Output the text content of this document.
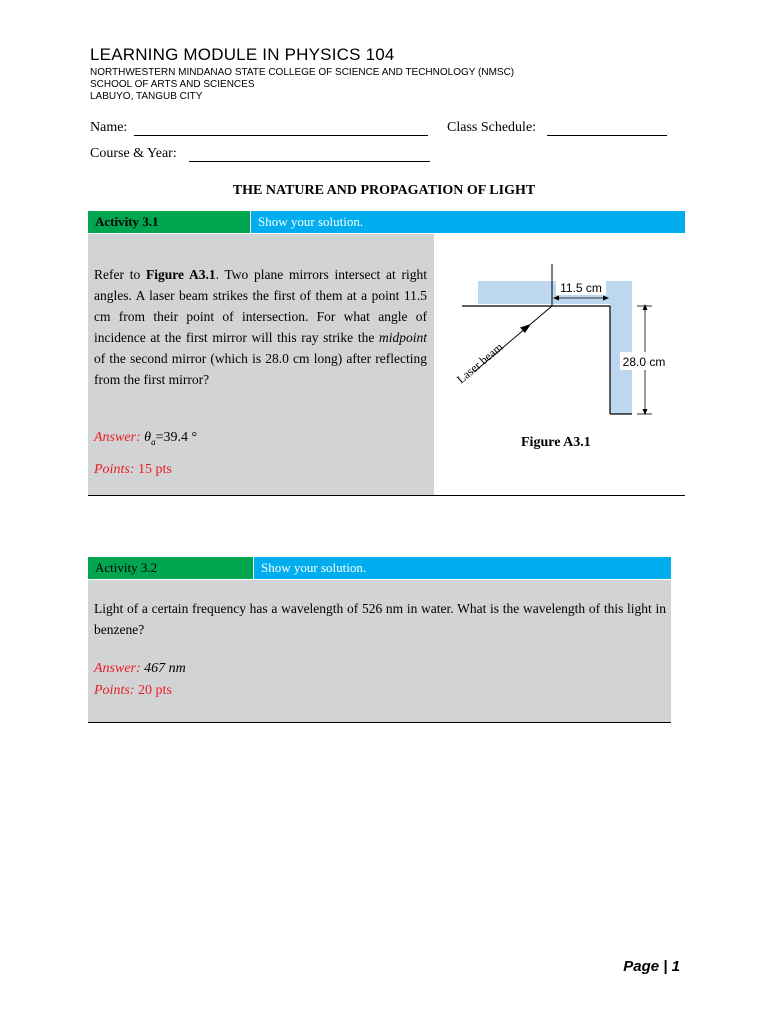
LEARNING MODULE IN PHYSICS 104
NORTHWESTERN MINDANAO STATE COLLEGE OF SCIENCE AND TECHNOLOGY (NMSC)
SCHOOL OF ARTS AND SCIENCES
LABUYO, TANGUB CITY
Name:	Class Schedule:
Course & Year:
THE NATURE AND PROPAGATION OF LIGHT
Activity 3.1	Show your solution.
Refer to Figure A3.1. Two plane mirrors intersect at right angles. A laser beam strikes the first of them at a point 11.5 cm from their point of intersection. For what angle of incidence at the first mirror will this ray strike the midpoint of the second mirror (which is 28.0 cm long) after reflecting from the first mirror?
Answer: $\theta_a=39.4$ °
Points: 15 pts
11.5 cm
28.0 cm
Laser beam
Figure A3.1
Activity 3.2	Show your solution.
Light of a certain frequency has a wavelength of 526 nm in water. What is the wavelength of this light in benzene?
Answer: 467 nm
Points: 20 pts
Page | 1
